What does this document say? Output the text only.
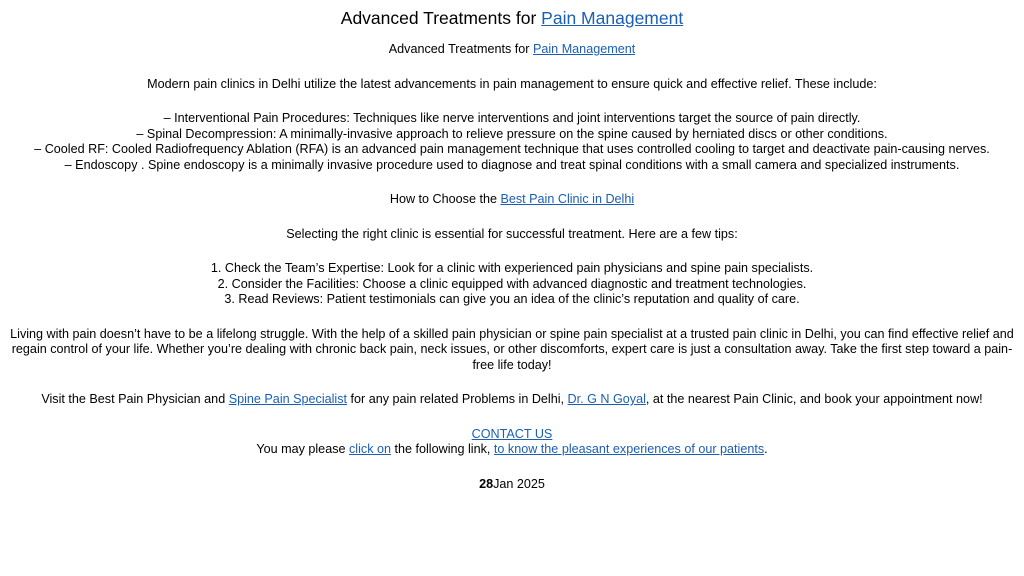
Advanced Treatments for Pain Management
Advanced Treatments for Pain Management
Modern pain clinics in Delhi utilize the latest advancements in pain management to ensure quick and effective relief. These include:
– Interventional Pain Procedures: Techniques like nerve interventions and joint interventions target the source of pain directly.
– Spinal Decompression: A minimally-invasive approach to relieve pressure on the spine caused by herniated discs or other conditions.
– Cooled RF: Cooled Radiofrequency Ablation (RFA) is an advanced pain management technique that uses controlled cooling to target and deactivate pain-causing nerves.
– Endoscopy . Spine endoscopy is a minimally invasive procedure used to diagnose and treat spinal conditions with a small camera and specialized instruments.
How to Choose the Best Pain Clinic in Delhi
Selecting the right clinic is essential for successful treatment. Here are a few tips:
1. Check the Team’s Expertise: Look for a clinic with experienced pain physicians and spine pain specialists.
2. Consider the Facilities: Choose a clinic equipped with advanced diagnostic and treatment technologies.
3. Read Reviews: Patient testimonials can give you an idea of the clinic’s reputation and quality of care.
Living with pain doesn’t have to be a lifelong struggle. With the help of a skilled pain physician or spine pain specialist at a trusted pain clinic in Delhi, you can find effective relief and regain control of your life. Whether you’re dealing with chronic back pain, neck issues, or other discomforts, expert care is just a consultation away. Take the first step toward a pain-free life today!
Visit the Best Pain Physician and Spine Pain Specialist for any pain related Problems in Delhi, Dr. G N Goyal, at the nearest Pain Clinic, and book your appointment now!
CONTACT US
You may please click on the following link, to know the pleasant experiences of our patients.
28Jan 2025
